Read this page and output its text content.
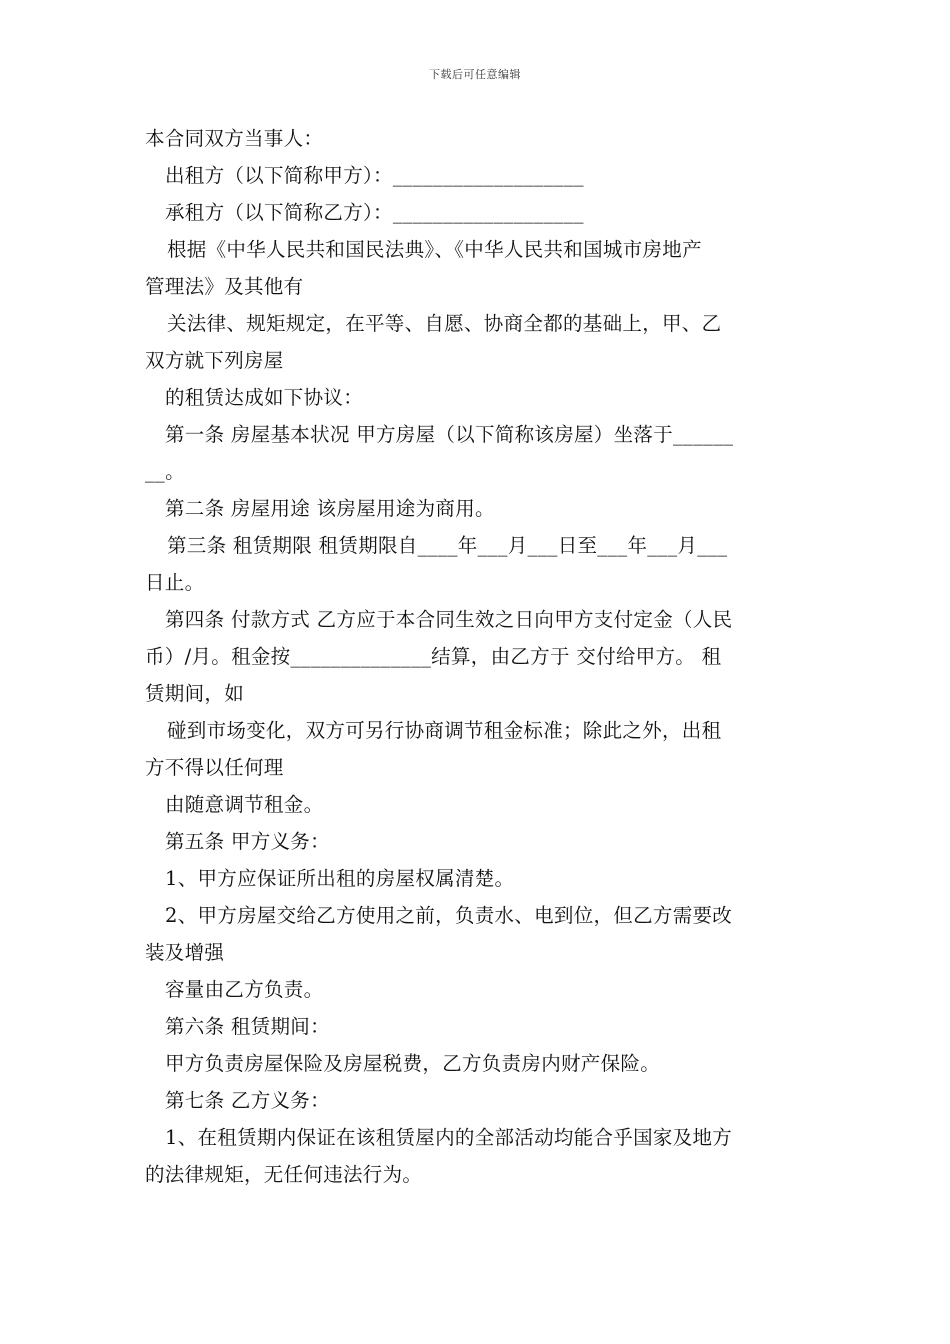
下载后可任意编辑
本合同双方当事人：
出租方（以下简称甲方）：___________________
承租方（以下简称乙方）：___________________
根据《中华人民共和国民法典》、《中华人民共和国城市房地产
管理法》及其他有
关法律、规矩规定，在平等、自愿、协商全都的基础上，甲、乙
双方就下列房屋
的租赁达成如下协议：
第一条 房屋基本状况 甲方房屋（以下简称该房屋）坐落于______
__。
第二条 房屋用途 该房屋用途为商用。
第三条 租赁期限 租赁期限自____年___月___日至___年___月___
日止。
第四条 付款方式 乙方应于本合同生效之日向甲方支付定金（人民
币）/月。租金按______________结算，由乙方于 交付给甲方。 租
赁期间，如
碰到市场变化，双方可另行协商调节租金标准；除此之外，出租
方不得以任何理
由随意调节租金。
第五条 甲方义务：
1、甲方应保证所出租的房屋权属清楚。
2、甲方房屋交给乙方使用之前，负责水、电到位，但乙方需要改
装及增强
容量由乙方负责。
第六条 租赁期间：
甲方负责房屋保险及房屋税费，乙方负责房内财产保险。
第七条 乙方义务：
1、在租赁期内保证在该租赁屋内的全部活动均能合乎国家及地方
的法律规矩，无任何违法行为。
